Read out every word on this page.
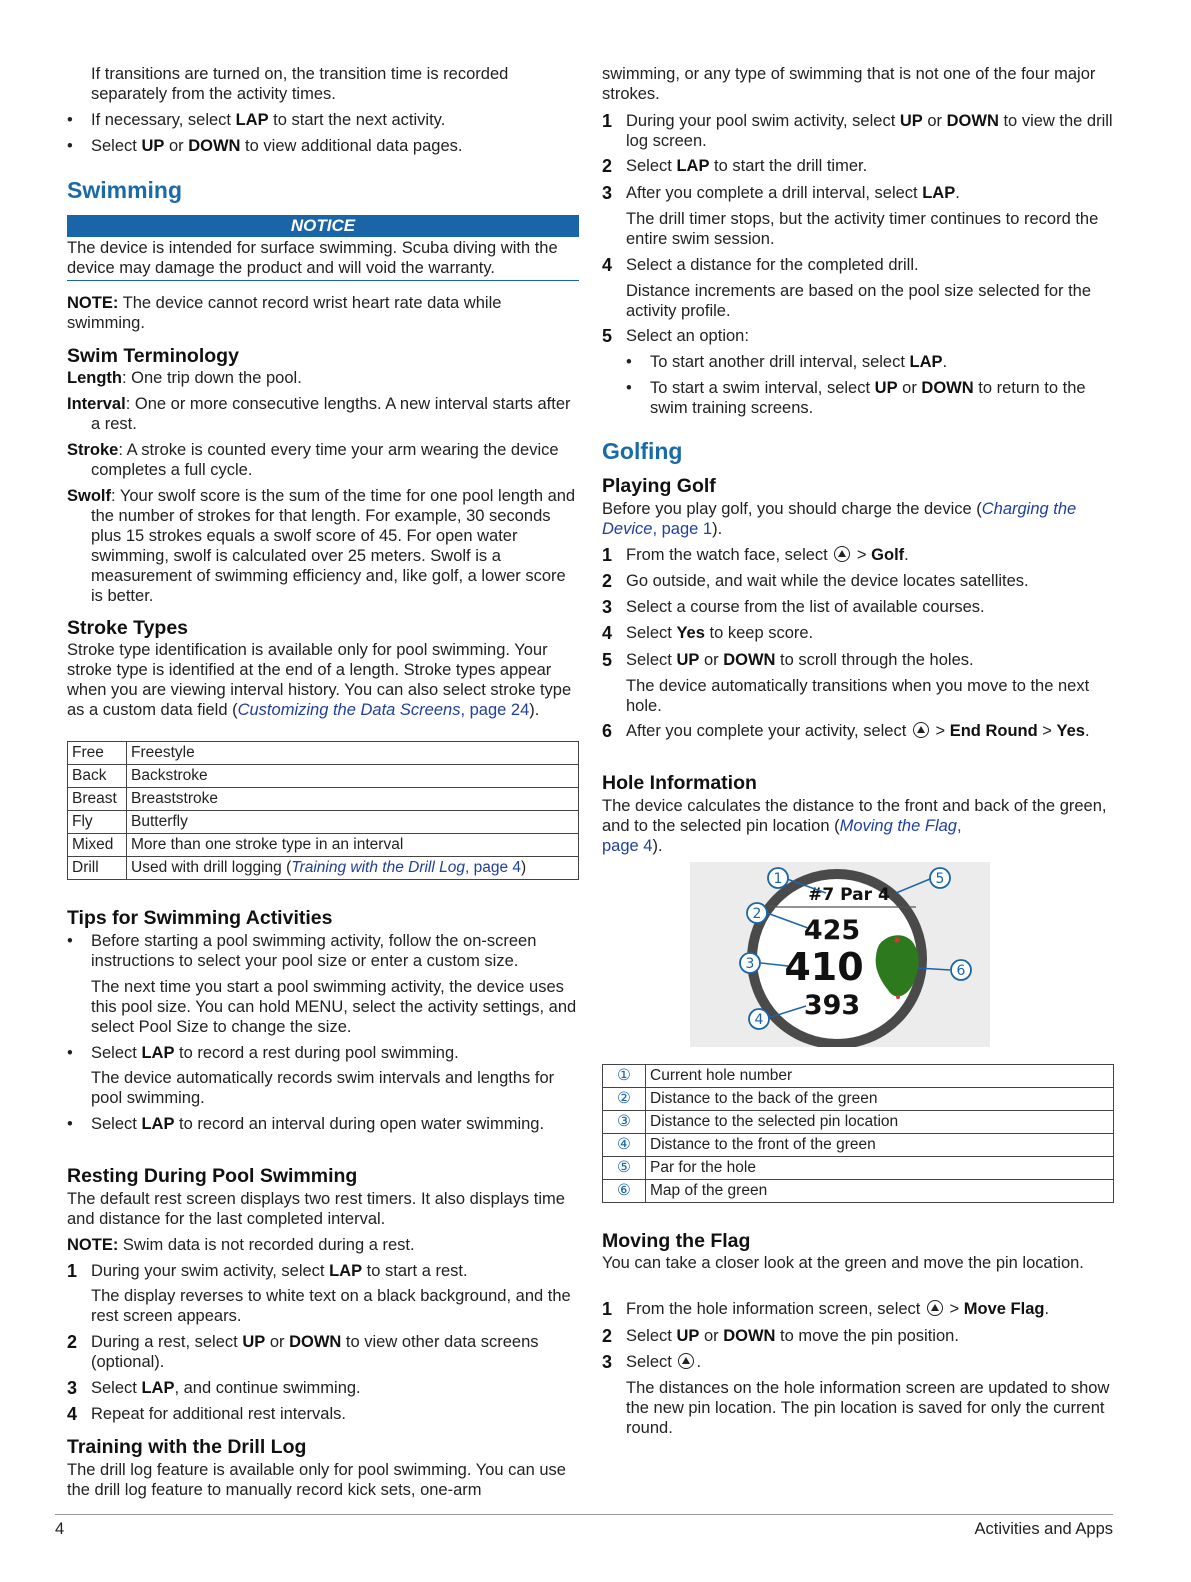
If transitions are turned on, the transition time is recorded separately from the activity times.
•	If necessary, select LAP to start the next activity.
•	Select UP or DOWN to view additional data pages.
Swimming
NOTICE
The device is intended for surface swimming. Scuba diving with the device may damage the product and will void the warranty.
NOTE: The device cannot record wrist heart rate data while swimming.
Swim Terminology
Length: One trip down the pool.
Interval: One or more consecutive lengths. A new interval starts after a rest.
Stroke: A stroke is counted every time your arm wearing the device completes a full cycle.
Swolf: Your swolf score is the sum of the time for one pool length and the number of strokes for that length. For example, 30 seconds plus 15 strokes equals a swolf score of 45. For open water swimming, swolf is calculated over 25 meters. Swolf is a measurement of swimming efficiency and, like golf, a lower score is better.
Stroke Types
Stroke type identification is available only for pool swimming. Your stroke type is identified at the end of a length. Stroke types appear when you are viewing interval history. You can also select stroke type as a custom data field (Customizing the Data Screens, page 24).
Free	Freestyle
Back	Backstroke
Breast	Breaststroke
Fly	Butterfly
Mixed	More than one stroke type in an interval
Drill	Used with drill logging (Training with the Drill Log, page 4)
Tips for Swimming Activities
•	Before starting a pool swimming activity, follow the on-screen instructions to select your pool size or enter a custom size.
The next time you start a pool swimming activity, the device uses this pool size. You can hold MENU, select the activity settings, and select Pool Size to change the size.
•	Select LAP to record a rest during pool swimming.
The device automatically records swim intervals and lengths for pool swimming.
•	Select LAP to record an interval during open water swimming.
Resting During Pool Swimming
The default rest screen displays two rest timers. It also displays time and distance for the last completed interval.
NOTE: Swim data is not recorded during a rest.
1 During your swim activity, select LAP to start a rest.
The display reverses to white text on a black background, and the rest screen appears.
2 During a rest, select UP or DOWN to view other data screens (optional).
3 Select LAP, and continue swimming.
4 Repeat for additional rest intervals.
Training with the Drill Log
The drill log feature is available only for pool swimming. You can use the drill log feature to manually record kick sets, one-arm
swimming, or any type of swimming that is not one of the four major strokes.
1 During your pool swim activity, select UP or DOWN to view the drill log screen.
2 Select LAP to start the drill timer.
3 After you complete a drill interval, select LAP.
The drill timer stops, but the activity timer continues to record the entire swim session.
4 Select a distance for the completed drill.
Distance increments are based on the pool size selected for the activity profile.
5 Select an option:
•	To start another drill interval, select LAP.
•	To start a swim interval, select UP or DOWN to return to the swim training screens.
Golfing
Playing Golf
Before you play golf, you should charge the device (Charging the Device, page 1).
1 From the watch face, select  > Golf.
2 Go outside, and wait while the device locates satellites.
3 Select a course from the list of available courses.
4 Select Yes to keep score.
5 Select UP or DOWN to scroll through the holes.
The device automatically transitions when you move to the next hole.
6 After you complete your activity, select  > End Round > Yes.
Hole Information
The device calculates the distance to the front and back of the green, and to the selected pin location (Moving the Flag,
page 4).
#7 Par 4
425
410
393
1
2
3
4
5
6
①	Current hole number
②	Distance to the back of the green
③	Distance to the selected pin location
④	Distance to the front of the green
⑤	Par for the hole
⑥	Map of the green
Moving the Flag
You can take a closer look at the green and move the pin location.
1 From the hole information screen, select  > Move Flag.
2 Select UP or DOWN to move the pin position.
3 Select .
The distances on the hole information screen are updated to show the new pin location. The pin location is saved for only the current round.
4	Activities and Apps
